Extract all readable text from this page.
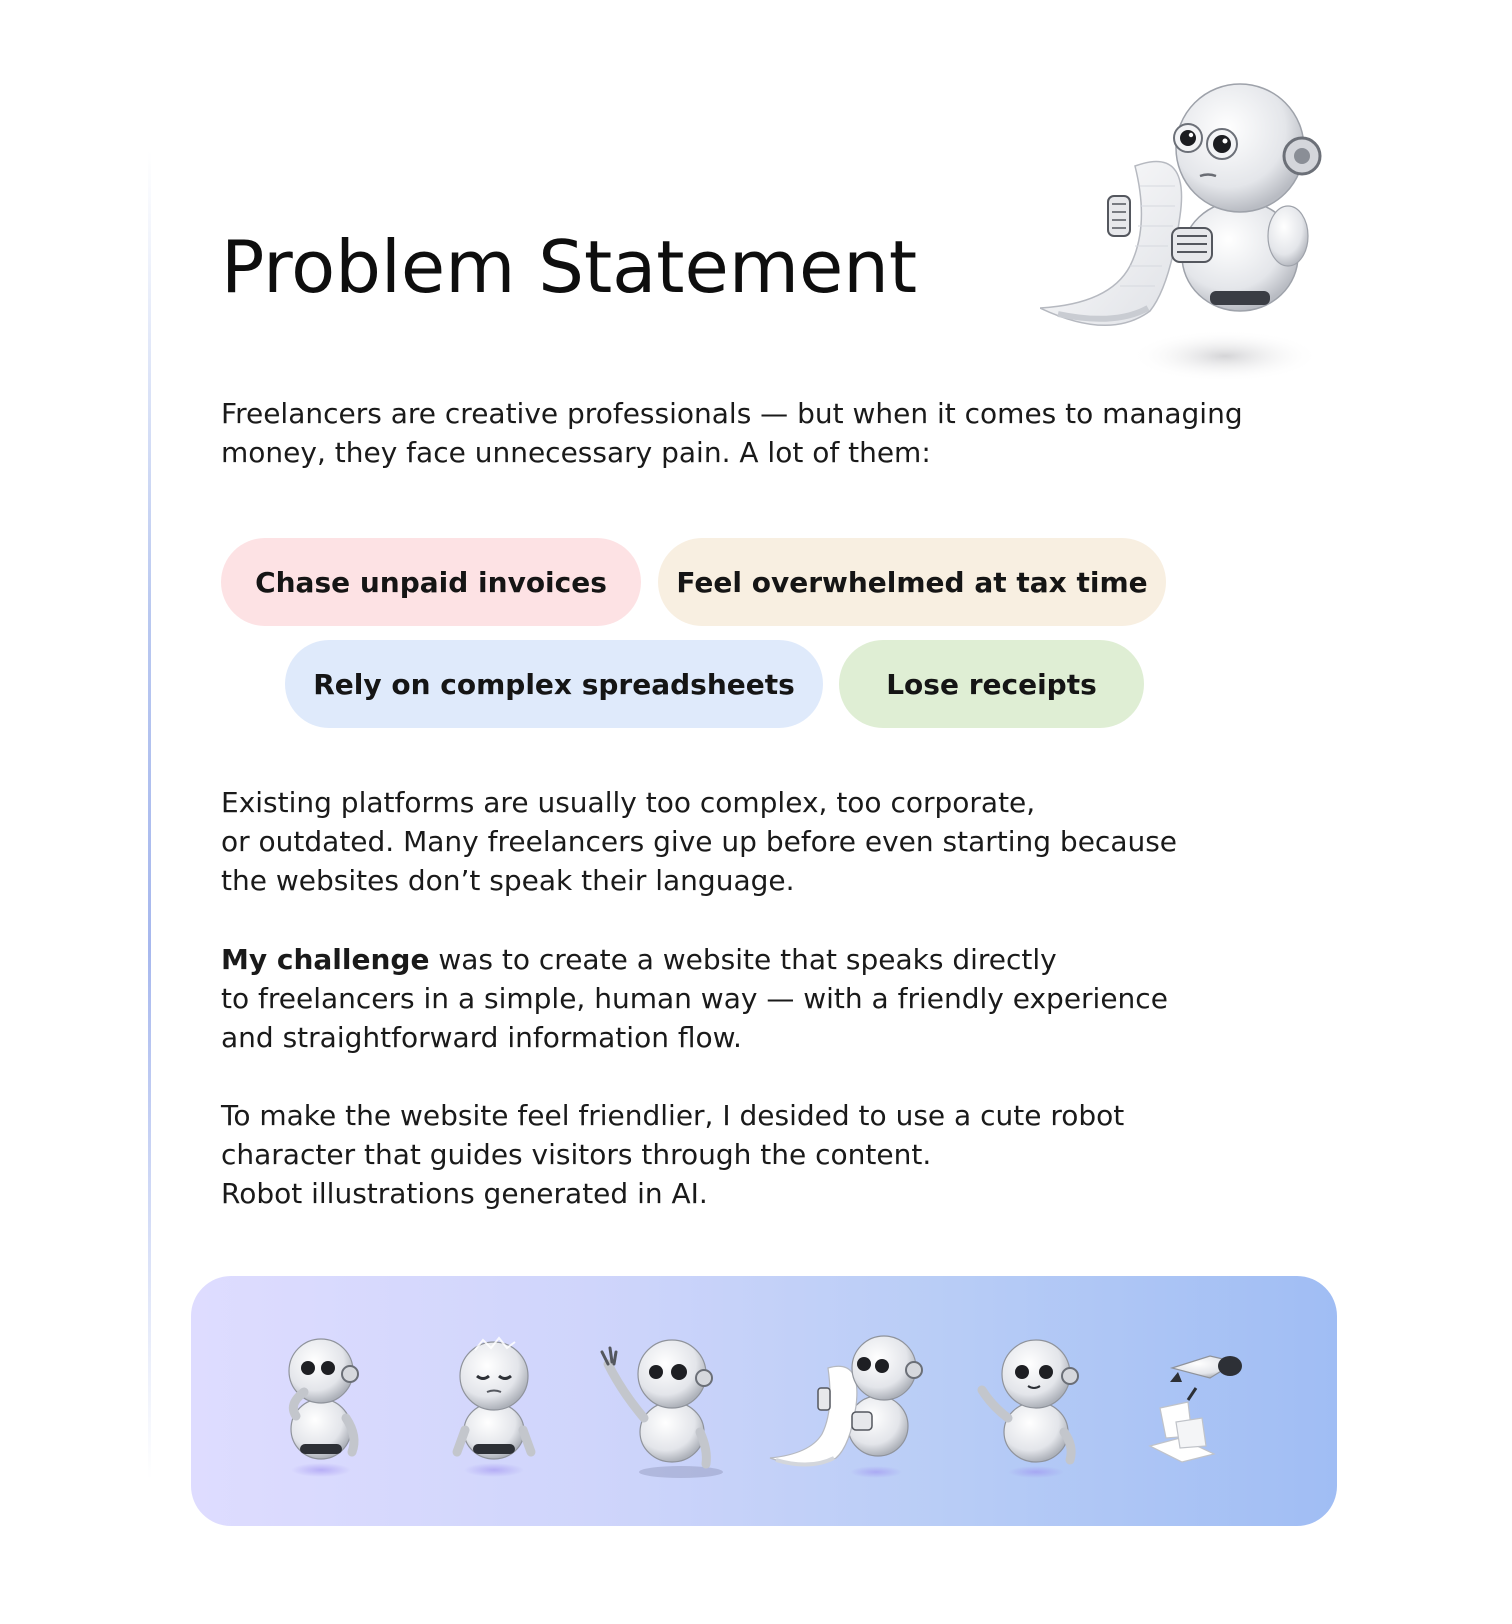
Problem Statement

Freelancers are creative professionals — but when it comes to managing
money, they face unnecessary pain. A lot of them:

Chase unpaid invoices	Feel overwhelmed at tax time
Rely on complex spreadsheets	Lose receipts

Existing platforms are usually too complex, too corporate,
or outdated. Many freelancers give up before even starting because
the websites don’t speak their language.

My challenge was to create a website that speaks directly
to freelancers in a simple, human way — with a friendly experience
and straightforward information flow.

To make the website feel friendlier, I desided to use a cute robot
character that guides visitors through the content.
Robot illustrations generated in AI.
